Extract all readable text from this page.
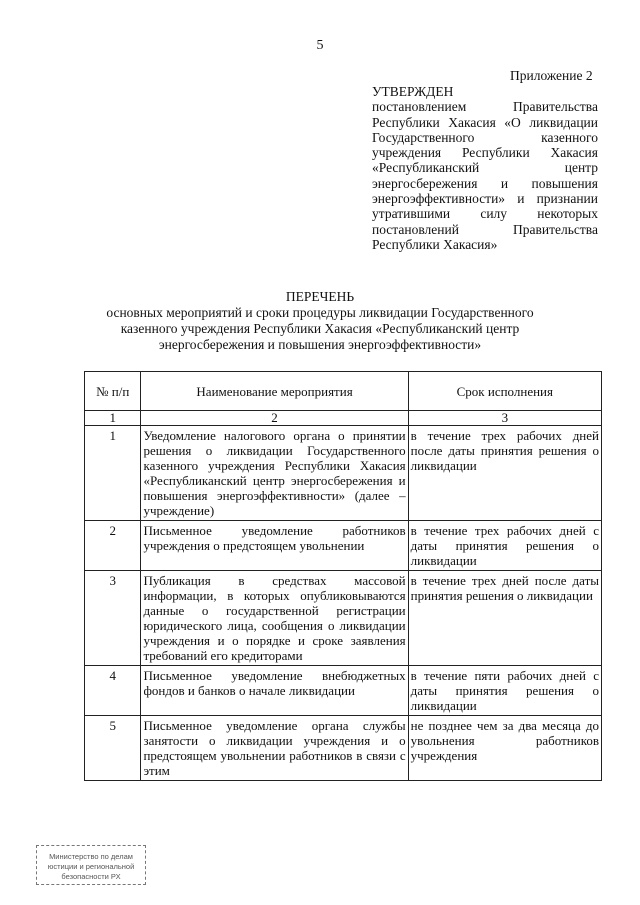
5
Приложение 2
УТВЕРЖДЕН
постановлением Правительства Республики Хакасия «О ликвидации Государственного казенного учреждения Республики Хакасия «Республиканский центр энергосбережения и повышения энергоэффективности» и признании утратившими силу некоторых постановлений Правительства Республики Хакасия»
ПЕРЕЧЕНЬ
основных мероприятий и сроки процедуры ликвидации Государственного
казенного учреждения Республики Хакасия «Республиканский центр
энергосбережения и повышения энергоэффективности»
№ п/п	Наименование мероприятия	Срок исполнения
1	2	3
1	Уведомление налогового органа о принятии решения о ликвидации Государственного казенного учреждения Республики Хакасия «Республиканский центр энергосбережения и повышения энергоэффективности» (далее – учреждение)	в течение трех рабочих дней после даты принятия решения о ликвидации
2	Письменное уведомление работников учреждения о предстоящем увольнении	в течение трех рабочих дней с даты принятия решения о ликвидации
3	Публикация в средствах массовой информации, в которых опубликовываются данные о государственной регистрации юридического лица, сообщения о ликвидации учреждения и о порядке и сроке заявления требований его кредиторами	в течение трех дней после даты принятия решения о ликвидации
4	Письменное уведомление внебюджетных фондов и банков о начале ликвидации	в течение пяти рабочих дней с даты принятия решения о ликвидации
5	Письменное уведомление органа службы занятости о ликвидации учреждения и о предстоящем увольнении работников в связи с этим	не позднее чем за два месяца до увольнения работников учреждения
Министерство по делам
юстиции и региональной
безопасности РХ
